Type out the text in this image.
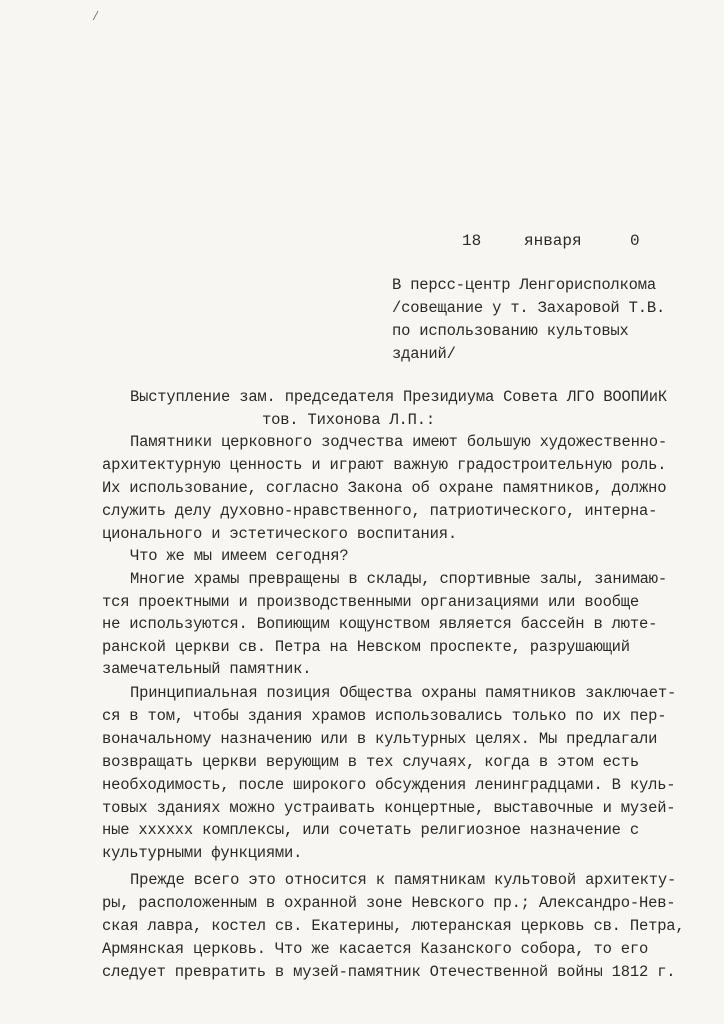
/
18	января	0
В персс-центр Ленгорисполкома
/совещание у т. Захаровой Т.В.
по использованию культовых
зданий/
Выступление зам. председателя Президиума Совета ЛГО ВООПИиК
тов. Тихонова Л.П.:
Памятники церковного зодчества имеют большую художественно-
архитектурную ценность и играют важную градостроительную роль.
Их использование, согласно Закона об охране памятников, должно
служить делу духовно-нравственного, патриотического, интерна-
ционального и эстетического воспитания.
Что же мы имеем сегодня?
Многие храмы превращены в склады, спортивные залы, занимаю-
тся проектными и производственными организациями или вообще
не используются. Вопиющим кощунством является бассейн в люте-
ранской церкви св. Петра на Невском проспекте, разрушающий
замечательный памятник.
Принципиальная позиция Общества охраны памятников заключает-
ся в том, чтобы здания храмов использовались только по их пер-
воначальному назначению или в культурных целях. Мы предлагали
возвращать церкви верующим в тех случаях, когда в этом есть
необходимость, после широкого обсуждения ленинградцами. В куль-
товых зданиях можно устраивать концертные, выставочные и музей-
ные хххххх комплексы, или сочетать религиозное назначение с
культурными функциями.
Прежде всего это относится к памятникам культовой архитекту-
ры, расположенным в охранной зоне Невского пр.; Александро-Нев-
ская лавра, костел св. Екатерины, лютеранская церковь св. Петра,
Армянская церковь. Что же касается Казанского собора, то его
следует превратить в музей-памятник Отечественной войны 1812 г.
